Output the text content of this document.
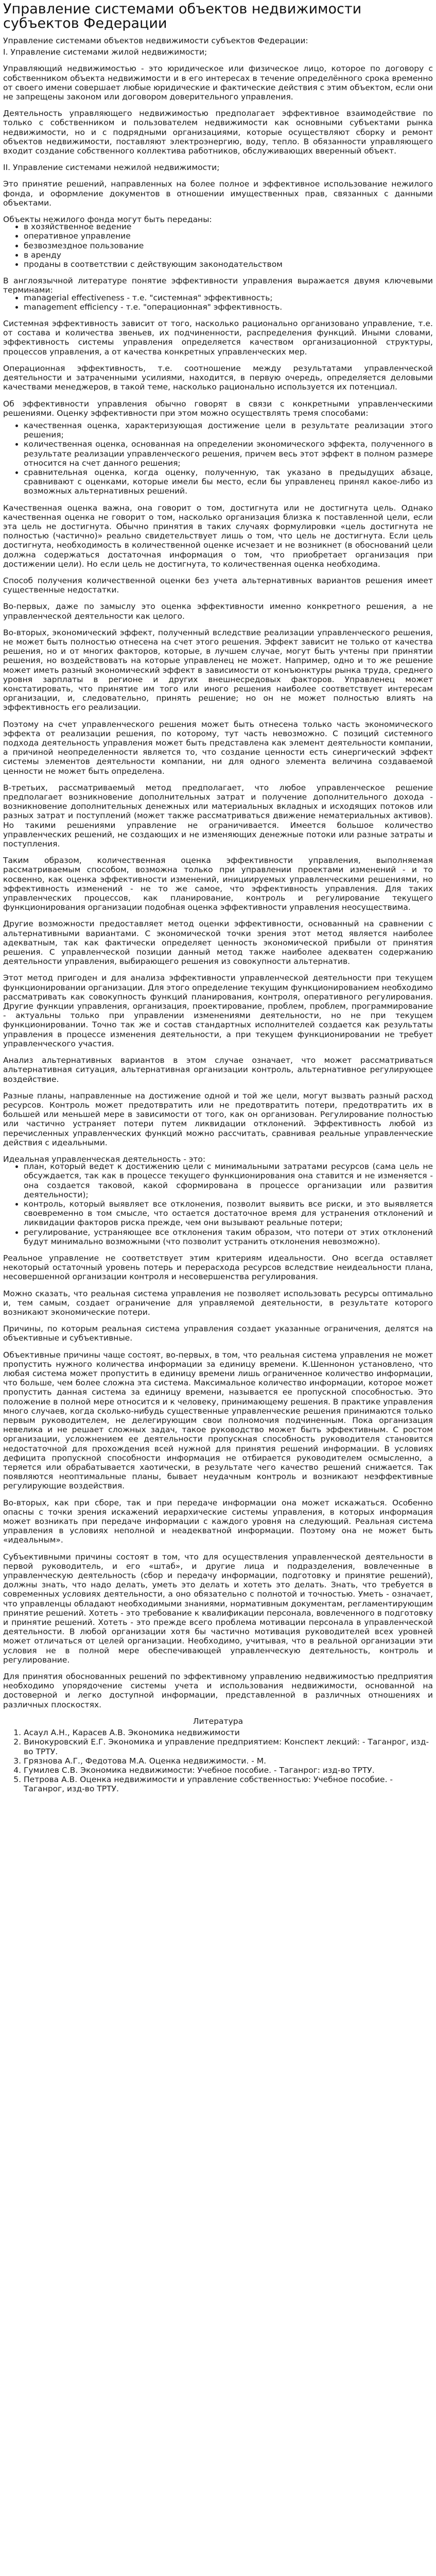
Управление системами объектов недвижимости субъектов Федерации

Управление системами объектов недвижимости субъектов Федерации:

I. Управление системами жилой недвижимости;

Управляющий недвижимостью - это юридическое или физическое лицо, которое по договору с собственником объекта недвижимости и в его интересах в течение определённого срока временно от своего имени совершает любые юридические и фактические действия с этим объектом, если они не запрещены законом или договором доверительного управления.

Деятельность управляющего недвижимостью предполагает эффективное взаимодействие по только с собственником и пользователем недвижимости как основными субъектами рынка недвижимости, но и с подрядными организациями, которые осуществляют сборку и ремонт объектов недвижимости, поставляют электроэнергию, воду, тепло. В обязанности управляющего входит создание собственного коллектива работников, обслуживающих вверенный объект.

II. Управление системами нежилой недвижимости;

Это принятие решений, направленных на более полное и эффективное использование нежилого фонда, и оформление документов в отношении имущественных прав, связанных с данными объектами.

Объекты нежилого фонда могут быть переданы:

• в хозяйственное ведение
• оперативное управление
• безвозмездное пользование
• в аренду
• проданы в соответствии с действующим законодательством

В англоязычной литературе понятие эффективности управления выражается двумя ключевыми терминами:

• managerial effectiveness - т.е. "системная" эффективность;
• management efficiency - т.е. "операционная" эффективность.

Системная эффективность зависит от того, насколько рационально организовано управление, т.е. от состава и количества звеньев, их подчиненности, распределения функций. Иными словами, эффективность системы управления определяется качеством организационной структуры, процессов управления, а от качества конкретных управленческих мер.

Операционная эффективность, т.е. соотношение между результатами управленческой деятельности и затраченными усилиями, находится, в первую очередь, определяется деловыми качествами менеджеров, в такой теме, насколько рационально используется их потенциал.

Об эффективности управления обычно говорят в связи с конкретными управленческими решениями. Оценку эффективности при этом можно осуществлять тремя способами:

• качественная оценка, характеризующая достижение цели в результате реализации этого решения;
• количественная оценка, основанная на определении экономического эффекта, полученного в результате реализации управленческого решения, причем весь этот эффект в полном размере относится на счет данного решения;
• сравнительная оценка, когда оценку, полученную, так указано в предыдущих абзаце, сравнивают с оценками, которые имели бы место, если бы управленец принял какое-либо из возможных альтернативных решений.

Качественная оценка важна, она говорит о том, достигнута или не достигнута цель. Однако качественная оценка не говорит о том, насколько организация близка к поставленной цели, если эта цель не достигнута. Обычно принятия в таких случаях формулировки «цель достигнута не полностью (частично)» реально свидетельствует лишь о том, что цель не достигнута. Если цель достигнута, необходимость в количественной оценке исчезает и не возникнет (в обоснований цели должна содержаться достаточная информация о том, что приобретает организация при достижении цели). Но если цель не достигнута, то количественная оценка необходима.

Способ получения количественной оценки без учета альтернативных вариантов решения имеет существенные недостатки.

Во-первых, даже по замыслу это оценка эффективности именно конкретного решения, а не управленческой деятельности как целого.

Во-вторых, экономический эффект, полученный вследствие реализации управленческого решения, не может быть полностью отнесена на счет этого решения. Эффект зависит не только от качества решения, но и от многих факторов, которые, в лучшем случае, могут быть учтены при принятии решения, но воздействовать на которые управленец не может. Например, одно и то же решение может иметь разный экономический эффект в зависимости от конъюнктуры рынка труда, среднего уровня зарплаты в регионе и других внешнесредовых факторов. Управленец может констатировать, что принятие им того или иного решения наиболее соответствует интересам организации, и, следовательно, принять решение; но он не может полностью влиять на эффективность его реализации.

Поэтому на счет управленческого решения может быть отнесена только часть экономического эффекта от реализации решения, по которому, тут часть невозможно. С позиций системного подхода деятельность управления может быть представлена как элемент деятельности компании, а причиной неопределенности является то, что создание ценности есть синергический эффект системы элементов деятельности компании, ни для одного элемента величина создаваемой ценности не может быть определена.

В-третьих, рассматриваемый метод предполагает, что любое управленческое решение предполагает возникновение дополнительных затрат и получение дополнительного дохода - возникновение дополнительных денежных или материальных вкладных и исходящих потоков или разных затрат и поступлений (может также рассматриваться движение нематериальных активов). Но такими решениями управление не ограничивается. Имеется большое количество управленческих решений, не создающих и не изменяющих денежные потоки или разные затраты и поступления.

Таким образом, количественная оценка эффективности управления, выполняемая рассматриваемым способом, возможна только при управлении проектами изменений - и то косвенно, как оценка эффективности изменений, инициируемых управленческими решениями, но эффективность изменений - не то же самое, что эффективность управления. Для таких управленческих процессов, как планирование, контроль и регулирование текущего функционирования организации подобная оценка эффективности управления неосуществима.

Другие возможности предоставляет метод оценки эффективности, основанный на сравнении с альтернативными вариантами. С экономической точки зрения этот метод является наиболее адекватным, так как фактически определяет ценность экономической прибыли от принятия решения. С управленческой позиции данный метод также наиболее адекватен содержанию деятельности управления, выбирающего решения из совокупности альтернатив.

Этот метод пригоден и для анализа эффективности управленческой деятельности при текущем функционировании организации. Для этого определение текущим функционированием необходимо рассматривать как совокупность функций планирования, контроля, оперативного регулирования. Другие функции управления, организация, проектирование, проблем, проблем, программирование - актуальны только при управлении изменениями деятельности, но не при текущем функционировании. Точно так же и состав стандартных исполнителей создается как результаты управления в процессе изменения деятельности, а при текущем функционировании не требует управленческого участия.

Анализ альтернативных вариантов в этом случае означает, что может рассматриваться альтернативная ситуация, альтернативная организации контроль, альтернативное регулирующее воздействие.

Разные планы, направленные на достижение одной и той же цели, могут вызвать разный расход ресурсов. Контроль может предотвратить или не предотвратить потери, предотвратить их в большей или меньшей мере в зависимости от того, как он организован. Регулирование полностью или частично устраняет потери путем ликвидации отклонений. Эффективность любой из перечисленных управленческих функций можно рассчитать, сравнивая реальные управленческие действия с идеальными.

Идеальная управленческая деятельность - это:

• план, который ведет к достижению цели с минимальными затратами ресурсов (сама цель не обсуждается, так как в процессе текущего функционирования она ставится и не изменяется - она создается таковой, какой сформирована в процессе организации или развития деятельности);
• контроль, который выявляет все отклонения, позволит выявить все риски, и это выявляется своевременно в том смысле, что остается достаточное время для устранения отклонений и ликвидации факторов риска прежде, чем они вызывают реальные потери;
• регулирование, устраняющее все отклонения таким образом, что потери от этих отклонений будут минимально возможными (что позволит устранить отклонения невозможно).

Реальное управление не соответствует этим критериям идеальности. Оно всегда оставляет некоторый остаточный уровень потерь и перерасхода ресурсов вследствие неидеальности плана, несовершенной организации контроля и несовершенства регулирования.

Можно сказать, что реальная система управления не позволяет использовать ресурсы оптимально и, тем самым, создает ограничение для управляемой деятельности, в результате которого возникают экономические потери.

Причины, по которым реальная система управления создает указанные ограничения, делятся на объективные и субъективные.

Объективные причины чаще состоят, во-первых, в том, что реальная система управления не может пропустить нужного количества информации за единицу времени. К.Шеннонон установлено, что любая система может пропустить в единицу времени лишь ограниченное количество информации, что больше, чем более сложна эта система. Максимальное количество информации, которое может пропустить данная система за единицу времени, называется ее пропускной способностью. Это положение в полной мере относится и к человеку, принимающему решения. В практике управления много случаев, когда сколько-нибудь существенные управленческие решения принимаются только первым руководителем, не делегирующим свои полномочия подчиненным. Пока организация невелика и не решает сложных задач, такое руководство может быть эффективным. С ростом организации, усложнением ее деятельности пропускная способность руководителя становится недостаточной для прохождения всей нужной для принятия решений информации. В условиях дефицита пропускной способности информация не отбирается руководителем осмысленно, а теряется или обрабатывается хаотически, в результате чего качество решений снижается. Так появляются неоптимальные планы, бывает неудачным контроль и возникают неэффективные регулирующие воздействия.

Во-вторых, как при сборе, так и при передаче информации она может искажаться. Особенно опасны с точки зрения искажений иерархические системы управления, в которых информация может возникать при передаче информации с каждого уровня на следующий. Реальная система управления в условиях неполной и неадекватной информации. Поэтому она не может быть «идеальным».

Субъективными причины состоят в том, что для осуществления управленческой деятельности в первой руководитель, и его «штаб», и другие лица и подразделения, вовлеченные в управленческую деятельность (сбор и передачу информации, подготовку и принятие решений), должны знать, что надо делать, уметь это делать и хотеть это делать. Знать, что требуется в современных условиях деятельности, а оно обязательно с полнотой и точностью. Уметь - означает, что управленцы обладают необходимыми знаниями, нормативным документам, регламентирующим принятие решений. Хотеть - это требование к квалификации персонала, вовлеченного в подготовку и принятие решений. Хотеть - это прежде всего проблема мотивации персонала в управленческой деятельности. В любой организации хотя бы частично мотивация руководителей всех уровней может отличаться от целей организации. Необходимо, учитывая, что в реальной организации эти условия не в полной мере обеспечивающей управленческую деятельность, контроль и регулирование.

Для принятия обоснованных решений по эффективному управлению недвижимостью предприятия необходимо упорядочение системы учета и использования недвижимости, основанной на достоверной и легко доступной информации, представленной в различных отношениях и различных плоскостях.

Литература

1. Асаул А.Н., Карасев А.В. Экономика недвижимости
2. Винокуровский Е.Г. Экономика и управление предприятием: Конспект лекций: - Таганрог, изд-во ТРТУ.
3. Грязнова А.Г., Федотова М.А. Оценка недвижимости. - М.
4. Гумилев С.В. Экономика недвижимости: Учебное пособие. - Таганрог: изд-во ТРТУ.
5. Петрова А.В. Оценка недвижимости и управление собственностью: Учебное пособие. - Таганрог, изд-во ТРТУ.
